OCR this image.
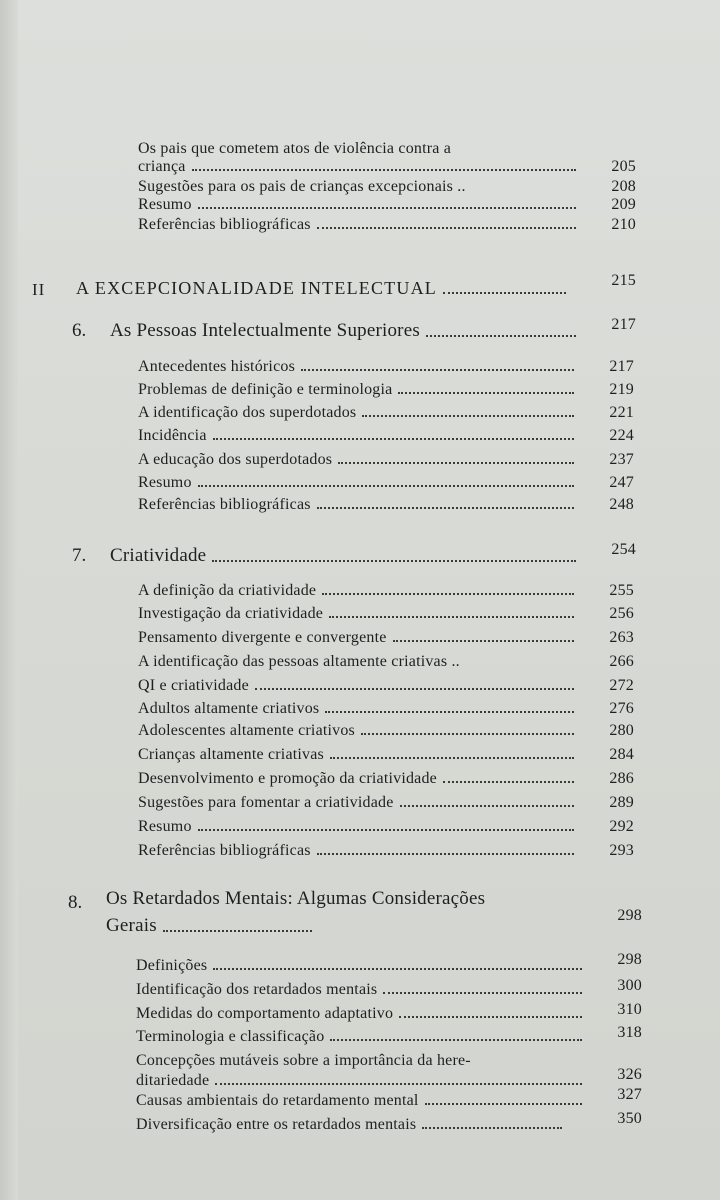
Os pais que cometem atos de violência contra a
criança	205
Sugestões para os pais de crianças excepcionais ..	208
Resumo	209
Referências bibliográficas	210
II A EXCEPCIONALIDADE INTELECTUAL	215
6. As Pessoas Intelectualmente Superiores	217
Antecedentes históricos	217
Problemas de definição e terminologia	219
A identificação dos superdotados	221
Incidência	224
A educação dos superdotados	237
Resumo	247
Referências bibliográficas	248
7. Criatividade	254
A definição da criatividade	255
Investigação da criatividade	256
Pensamento divergente e convergente	263
A identificação das pessoas altamente criativas ..	266
QI e criatividade	272
Adultos altamente criativos	276
Adolescentes altamente criativos	280
Crianças altamente criativas	284
Desenvolvimento e promoção da criatividade	286
Sugestões para fomentar a criatividade	289
Resumo	292
Referências bibliográficas	293
8. Os Retardados Mentais: Algumas Considerações
Gerais	298
Definições	298
Identificação dos retardados mentais	300
Medidas do comportamento adaptativo	310
Terminologia e classificação	318
Concepções mutáveis sobre a importância da here-
ditariedade	326
Causas ambientais do retardamento mental	327
Diversificação entre os retardados mentais	350
